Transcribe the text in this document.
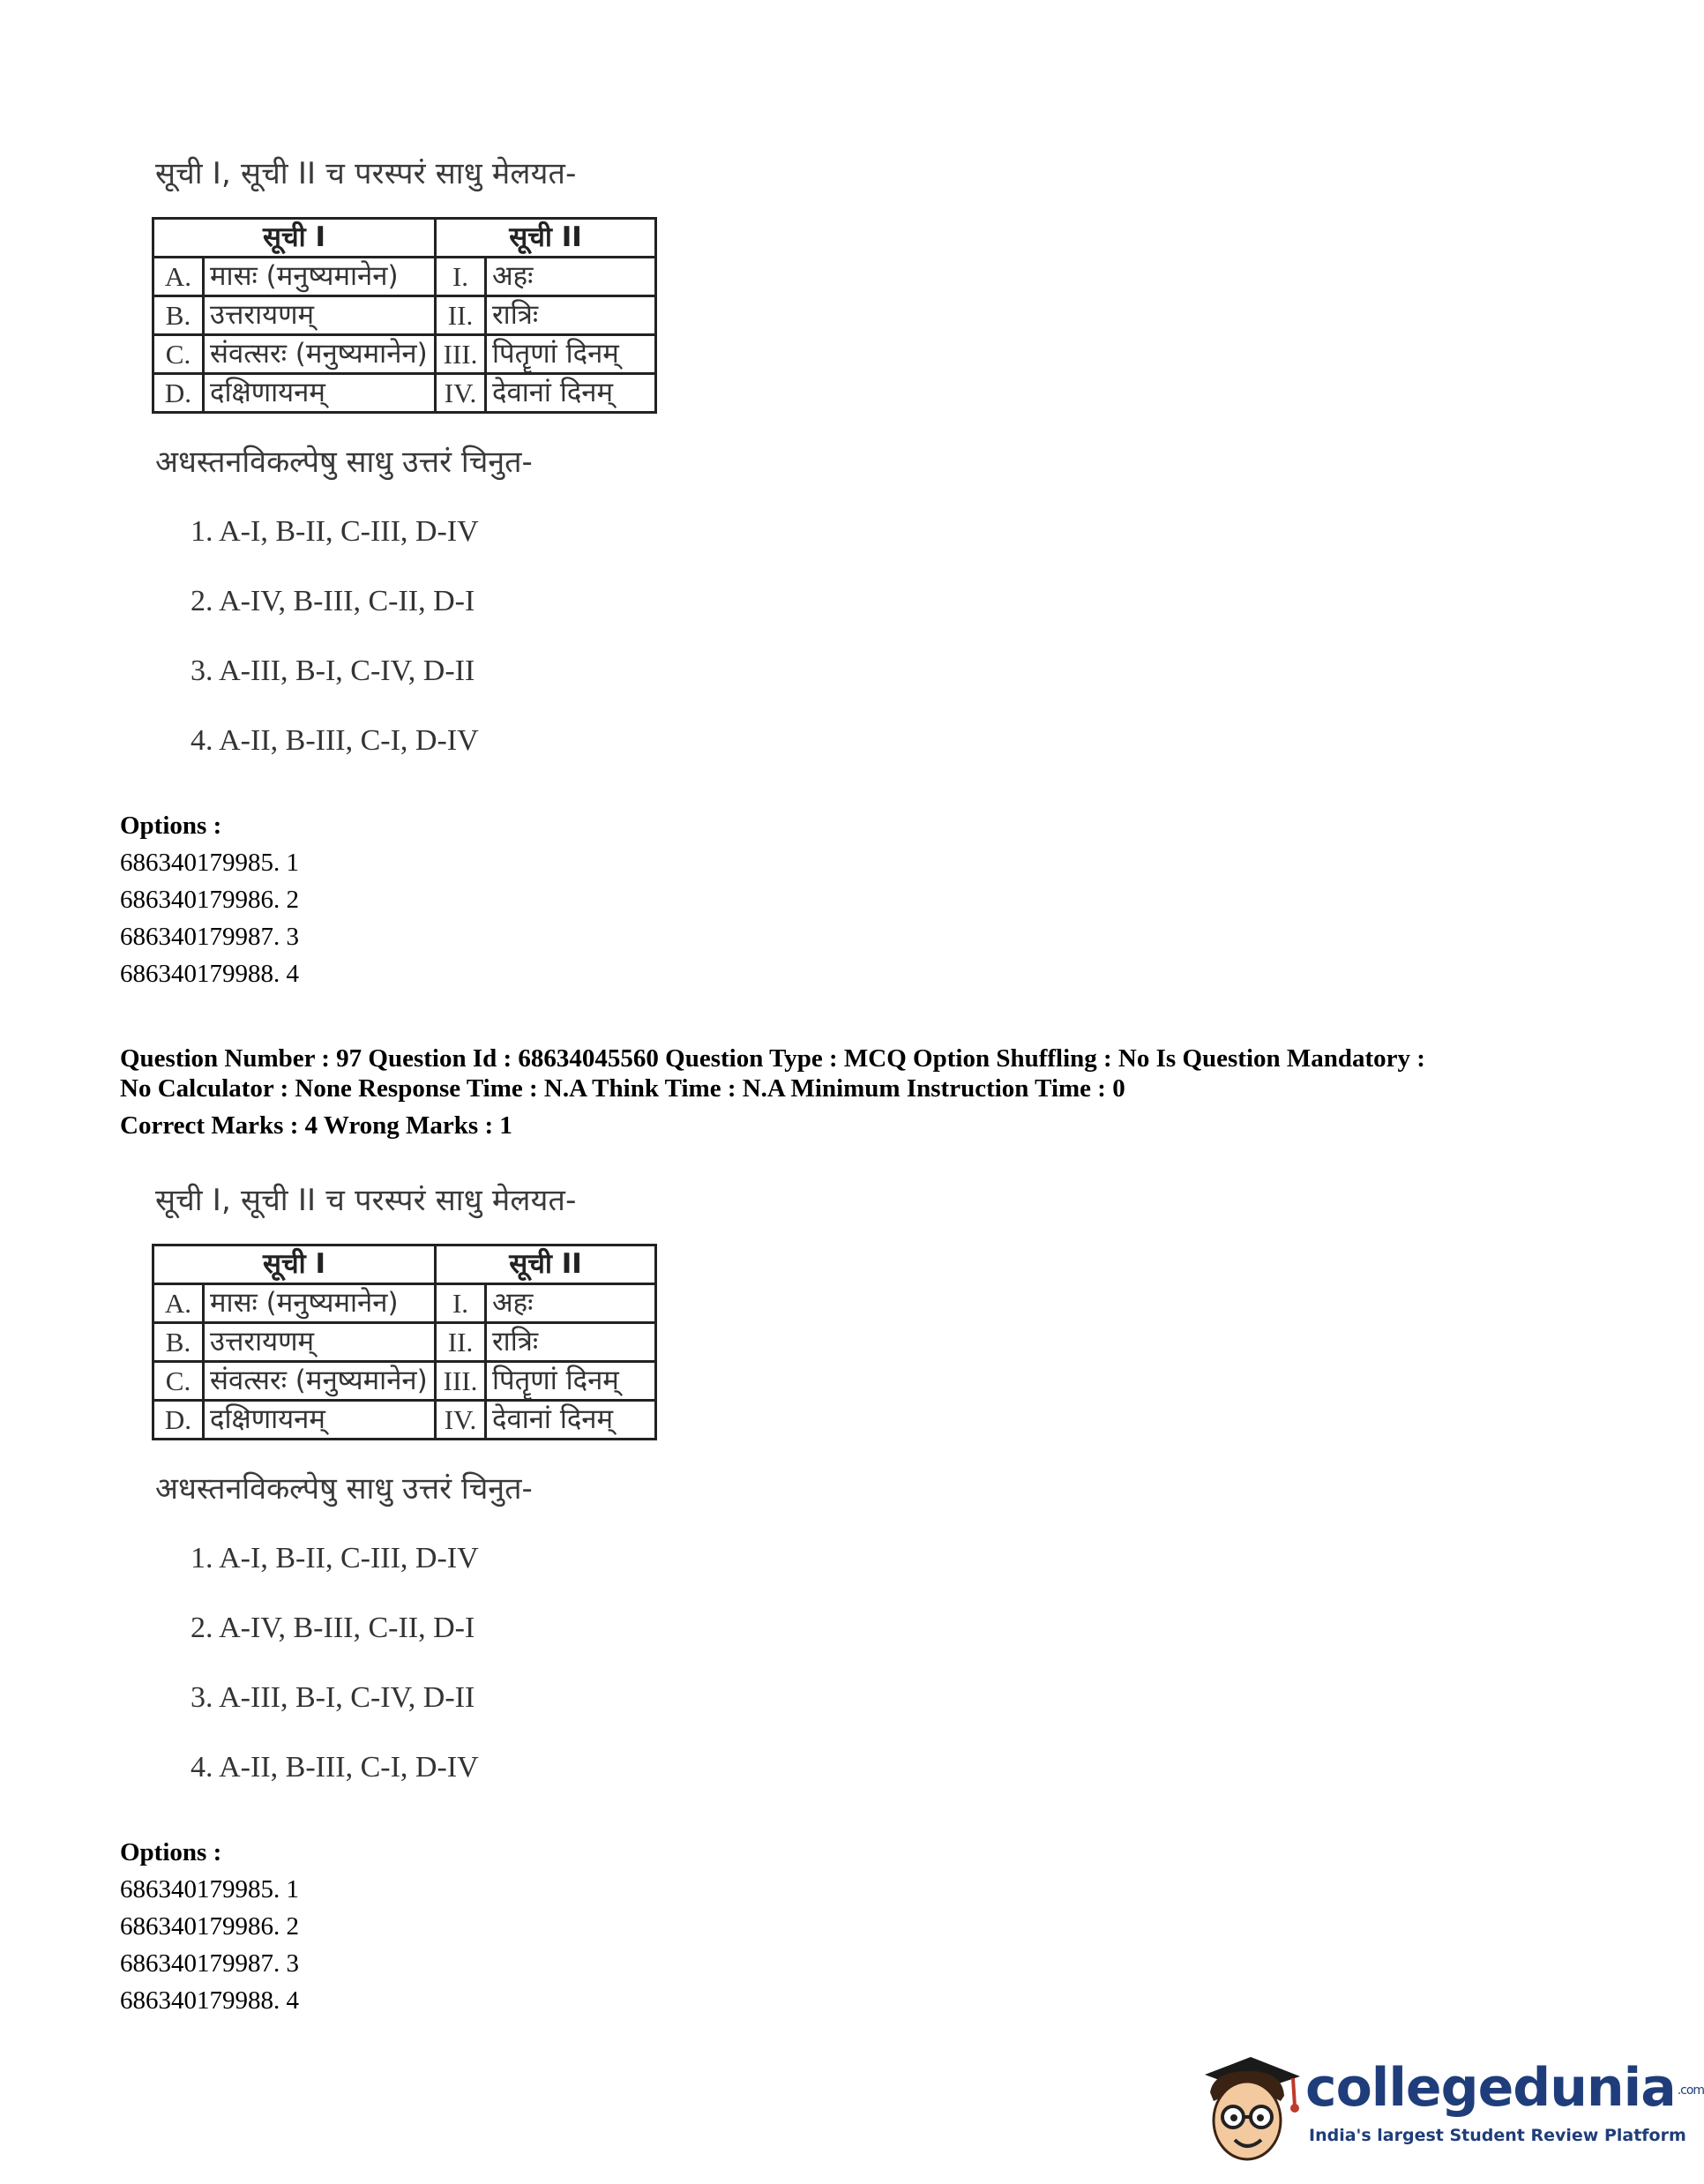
सूची I, सूची II च परस्परं साधु मेलयत-
सूची I		सूची II	
A.	मासः (मनुष्यमानेन)	I.	अहः
B.	उत्तरायणम्	II.	रात्रिः
C.	संवत्सरः (मनुष्यमानेन)	III.	पितॄणां दिनम्
D.	दक्षिणायनम्	IV.	देवानां दिनम्
अधस्तनविकल्पेषु साधु उत्तरं चिनुत-
1. A-I, B-II, C-III, D-IV
2. A-IV, B-III, C-II, D-I
3. A-III, B-I, C-IV, D-II
4. A-II, B-III, C-I, D-IV
Options :
686340179985. 1
686340179986. 2
686340179987. 3
686340179988. 4
Question Number : 97 Question Id : 68634045560 Question Type : MCQ Option Shuffling : No Is Question Mandatory :
No Calculator : None Response Time : N.A Think Time : N.A Minimum Instruction Time : 0
Correct Marks : 4 Wrong Marks : 1
सूची I, सूची II च परस्परं साधु मेलयत-
सूची I		सूची II	
A.	मासः (मनुष्यमानेन)	I.	अहः
B.	उत्तरायणम्	II.	रात्रिः
C.	संवत्सरः (मनुष्यमानेन)	III.	पितॄणां दिनम्
D.	दक्षिणायनम्	IV.	देवानां दिनम्
अधस्तनविकल्पेषु साधु उत्तरं चिनुत-
1. A-I, B-II, C-III, D-IV
2. A-IV, B-III, C-II, D-I
3. A-III, B-I, C-IV, D-II
4. A-II, B-III, C-I, D-IV
Options :
686340179985. 1
686340179986. 2
686340179987. 3
686340179988. 4
collegedunia .com
India's largest Student Review Platform
